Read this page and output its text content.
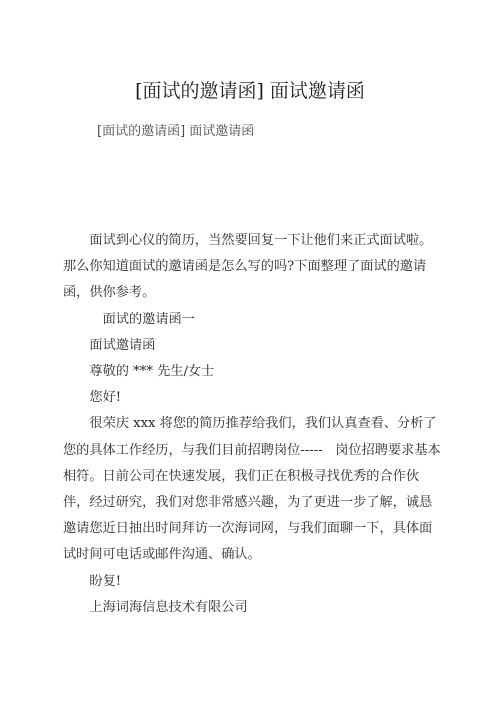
[面试的邀请函] 面试邀请函
[面试的邀请函] 面试邀请函

面试到心仪的简历，当然要回复一下让他们来正式面试啦。那么你知道面试的邀请函是怎么写的吗?下面整理了面试的邀请函，供你参考。

面试的邀请函一

面试邀请函

尊敬的 *** 先生/女士

您好!

很荣庆 xxx 将您的简历推荐给我们，我们认真查看、分析了您的具体工作经历，与我们目前招聘岗位-----   岗位招聘要求基本相符。日前公司在快速发展，我们正在积极寻找优秀的合作伙伴，经过研究，我们对您非常感兴趣，为了更进一步了解，诚恳邀请您近日抽出时间拜访一次海词网，与我们面聊一下，具体面试时间可电话或邮件沟通、确认。

盼复!

上海词海信息技术有限公司
